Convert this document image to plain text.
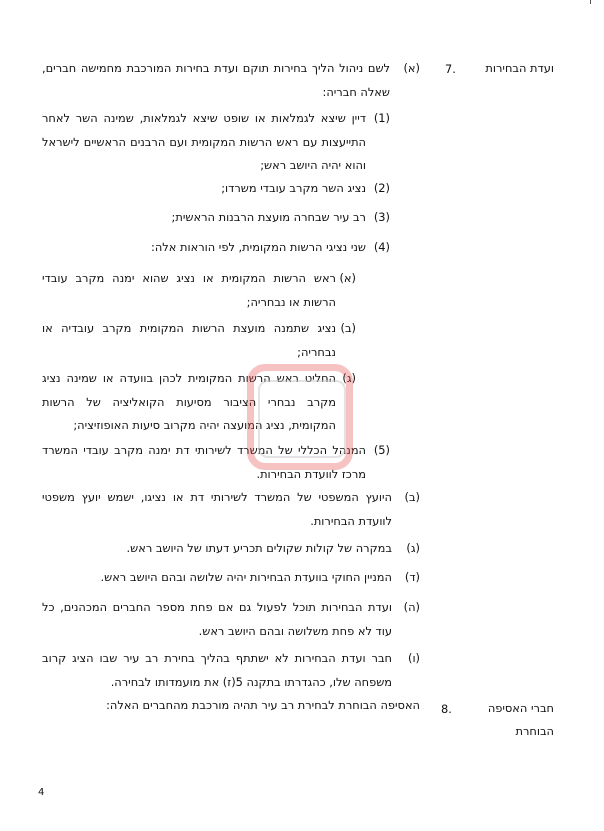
ועדת הבחירות
7.
(א)
לשם ניהול הליך בחירות תוקם ועדת בחירות המורכבת מחמישה חברים, שאלה חבריה:
(1)
דיין שיצא לגמלאות או שופט שיצא לגמלאות, שמינה השר לאחר התייעצות עם ראש הרשות המקומית ועם הרבנים הראשיים לישראל והוא יהיה היושב ראש;
(2)
נציג השר מקרב עובדי משרדו;
(3)
רב עיר שבחרה מועצת הרבנות הראשית;
(4)
שני נציגי הרשות המקומית, לפי הוראות אלה:
(א)
ראש הרשות המקומית או נציג שהוא ימנה מקרב עובדי הרשות או נבחריה;
(ב)
נציג שתמנה מועצת הרשות המקומית מקרב עובדיה או נבחריה;
(ג)
החליט ראש הרשות המקומית לכהן בוועדה או שמינה נציג מקרב נבחרי הציבור מסיעות הקואליציה של הרשות המקומית, נציג המועצה יהיה מקרוב סיעות האופוזיציה;
(5)
המנהל הכללי של המשרד לשירותי דת ימנה מקרב עובדי המשרד מרכז לוועדת הבחירות.
(ב)
היועץ המשפטי של המשרד לשירותי דת או נציגו, ישמש יועץ משפטי לוועדת הבחירות.
(ג)
במקרה של קולות שקולים תכריע דעתו של היושב ראש.
(ד)
המניין החוקי בוועדת הבחירות יהיה שלושה ובהם היושב ראש.
(ה)
ועדת הבחירות תוכל לפעול גם אם פחת מספר החברים המכהנים, כל עוד לא פחת משלושה ובהם היושב ראש.
(ו)
חבר ועדת הבחירות לא ישתתף בהליך בחירת רב עיר שבו הציג קרוב משפחה שלו, כהגדרתו בתקנה 5(ז) את מועמדותו לבחירה.
חברי האסיפה הבוחרת
8.
האסיפה הבוחרת לבחירת רב עיר תהיה מורכבת מהחברים האלה:
4
